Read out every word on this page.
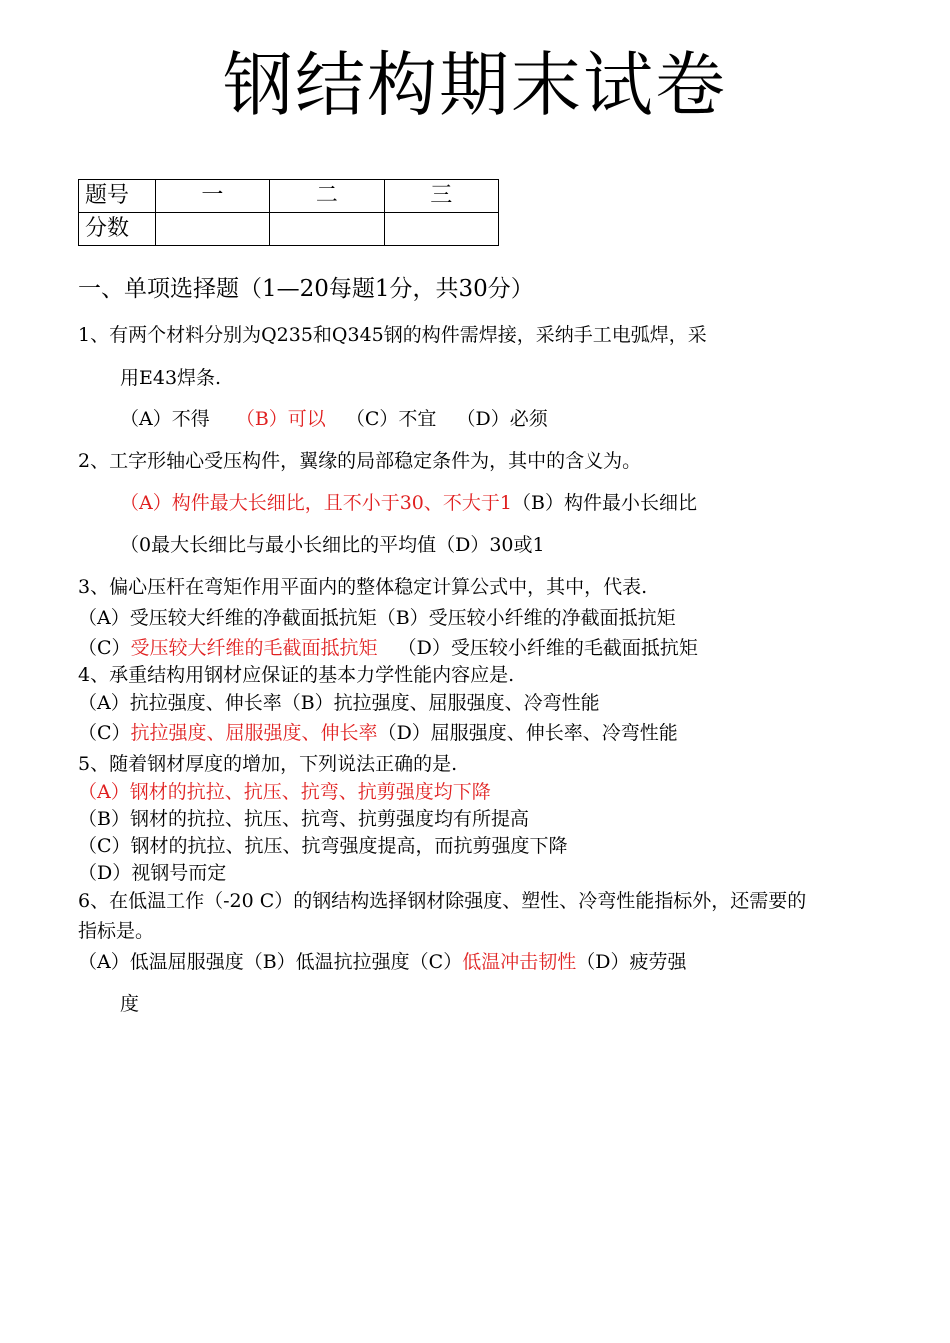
钢结构期末试卷
题号	一	二	三
分数			
一、单项选择题（1—20每题1分，共30分）
1、有两个材料分别为Q235和Q345钢的构件需焊接，采纳手工电弧焊，采
用E43焊条.
（A）不得 （B）可以 （C）不宜 （D）必须
2、工字形轴心受压构件，翼缘的局部稳定条件为，其中的含义为。
（A）构件最大长细比，且不小于30、不大于1（B）构件最小长细比
（0最大长细比与最小长细比的平均值（D）30或1
3、偏心压杆在弯矩作用平面内的整体稳定计算公式中，其中，代表.
（A）受压较大纤维的净截面抵抗矩（B）受压较小纤维的净截面抵抗矩
（C）受压较大纤维的毛截面抵抗矩 （D）受压较小纤维的毛截面抵抗矩
4、承重结构用钢材应保证的基本力学性能内容应是.
（A）抗拉强度、伸长率（B）抗拉强度、屈服强度、冷弯性能
（C）抗拉强度、屈服强度、伸长率（D）屈服强度、伸长率、冷弯性能
5、随着钢材厚度的增加，下列说法正确的是.
（A）钢材的抗拉、抗压、抗弯、抗剪强度均下降
（B）钢材的抗拉、抗压、抗弯、抗剪强度均有所提高
（C）钢材的抗拉、抗压、抗弯强度提高，而抗剪强度下降
（D）视钢号而定
6、在低温工作（-20 C）的钢结构选择钢材除强度、塑性、冷弯性能指标外，还需要的
指标是。
（A）低温屈服强度（B）低温抗拉强度（C）低温冲击韧性（D）疲劳强
度
